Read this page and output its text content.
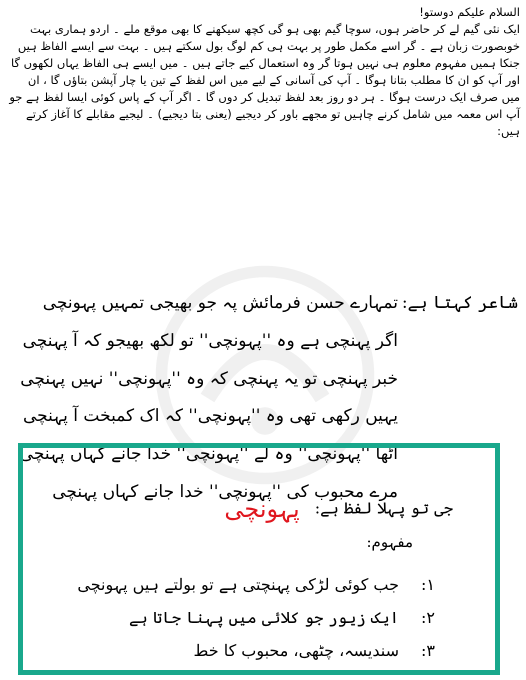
السلام علیکم دوستو!

ایک نئی گیم لے کر حاضر ہوں، سوچا گیم بھی ہو گی کچھ سیکھنے کا بھی موقع ملے ۔ اردو ہماری بہت خوبصورت زبان ہے ۔ گر اسے مکمل طور پر بہت ہی کم لوگ بول سکتے ہیں ۔ بہت سے ایسے الفاظ ہیں جنکا ہمیں مفہوم معلوم ہی نہیں ہوتا گر وہ استعمال کیے جاتے ہیں ۔ میں ایسے ہی الفاظ یہاں لکھوں گا اور آپ کو ان کا مطلب بتانا ہوگا ۔ آپ کی آسانی کے لیے میں اس لفظ کے تین یا چار آپشن بتاؤں گا ، ان میں صرف ایک درست ہوگا ۔ ہر دو روز بعد لفظ تبدیل کر دوں گا ۔ اگر آپ کے پاس کوئی ایسا لفظ ہے جو آپ اس معمہ میں شامل کرنے چاہیں تو مجھے باور کر دیجیے (یعنی بتا دیجیے) ۔ لیجیے مقابلے کا آغاز کرتے ہیں:

شاعر کہتا ہے:
تمہارے حسن فرمائش پہ جو بھیجی تمہیں پہونچی
اگر پہنچی ہے وہ ''پہونچی'' تو لکھ بھیجو کہ آ پہنچی
خبر پہنچی تو یہ پہنچی کہ وہ ''پہونچی'' نہیں پہنچی
یہیں رکھی تھی وہ ''پہونچی'' کہ اک کمبخت آ پہنچی
اٹھا ''پہونچی'' وہ لے ''پہونچی'' خدا جانے کہاں پہنچی
مرے محبوب کی ''پہونچی'' خدا جانے کہاں پہنچی
جی تو پہلا لفظ ہے: پہونچی
مفہوم:
۱:جب کوئی لڑکی پہنچتی ہے تو بولتے ہیں پہونچی
۲:ایک زیور جو کلائی میں پہنا جاتا ہے
۳:سندیسہ، چٹھی، محبوب کا خط
